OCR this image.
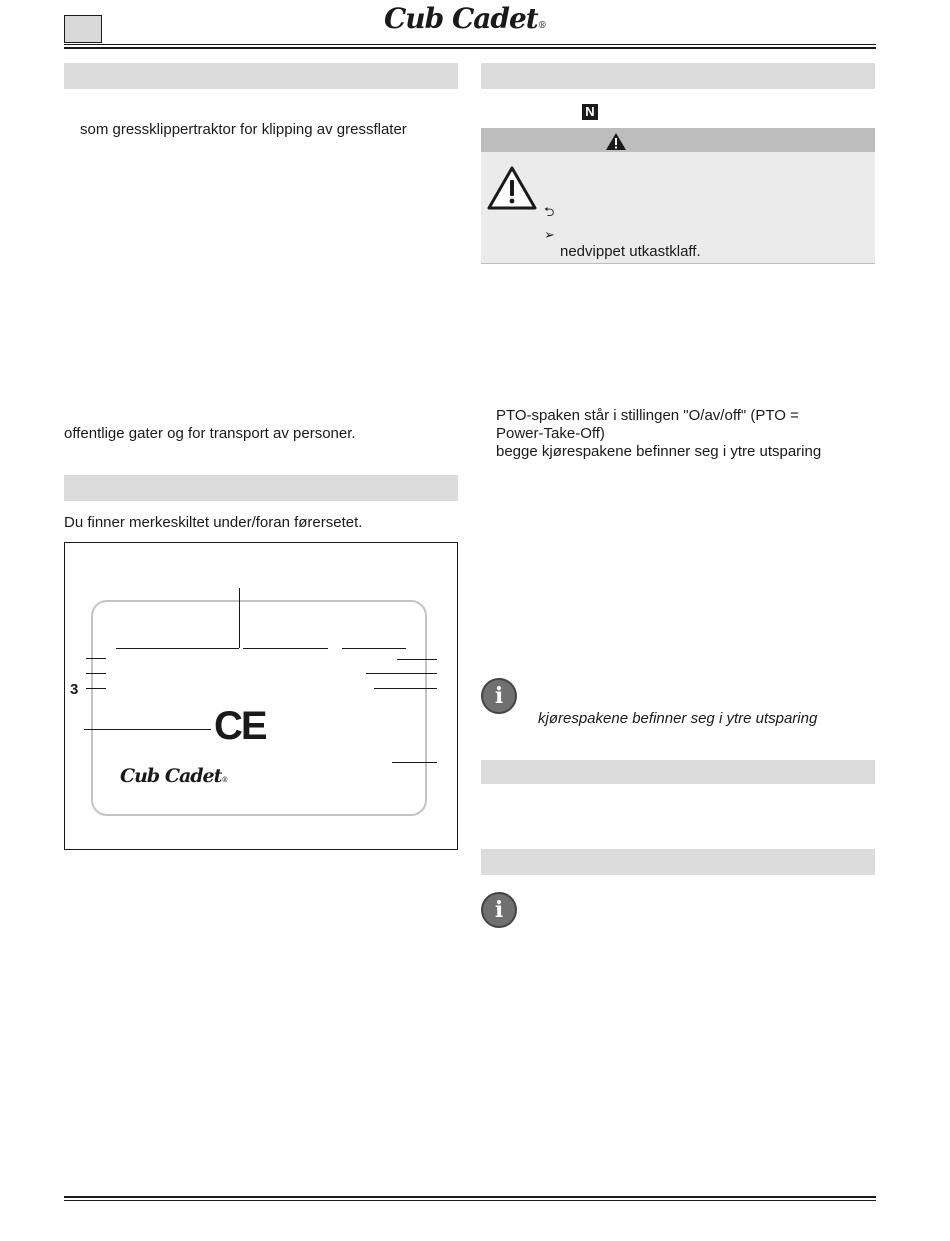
Cub Cadet®
som gressklippertraktor for klipping av gressflater
offentlige gater og for transport av personer.
Du finner merkeskiltet under/foran førersetet.
3
CE
Cub Cadet®
N
⮌
➢
nedvippet utkastklaff.
PTO-spaken står i stillingen "O/av/off" (PTO =
Power-Take-Off)
begge kjørespakene befinner seg i ytre utsparing
i
kjørespakene befinner seg i ytre utsparing
i
